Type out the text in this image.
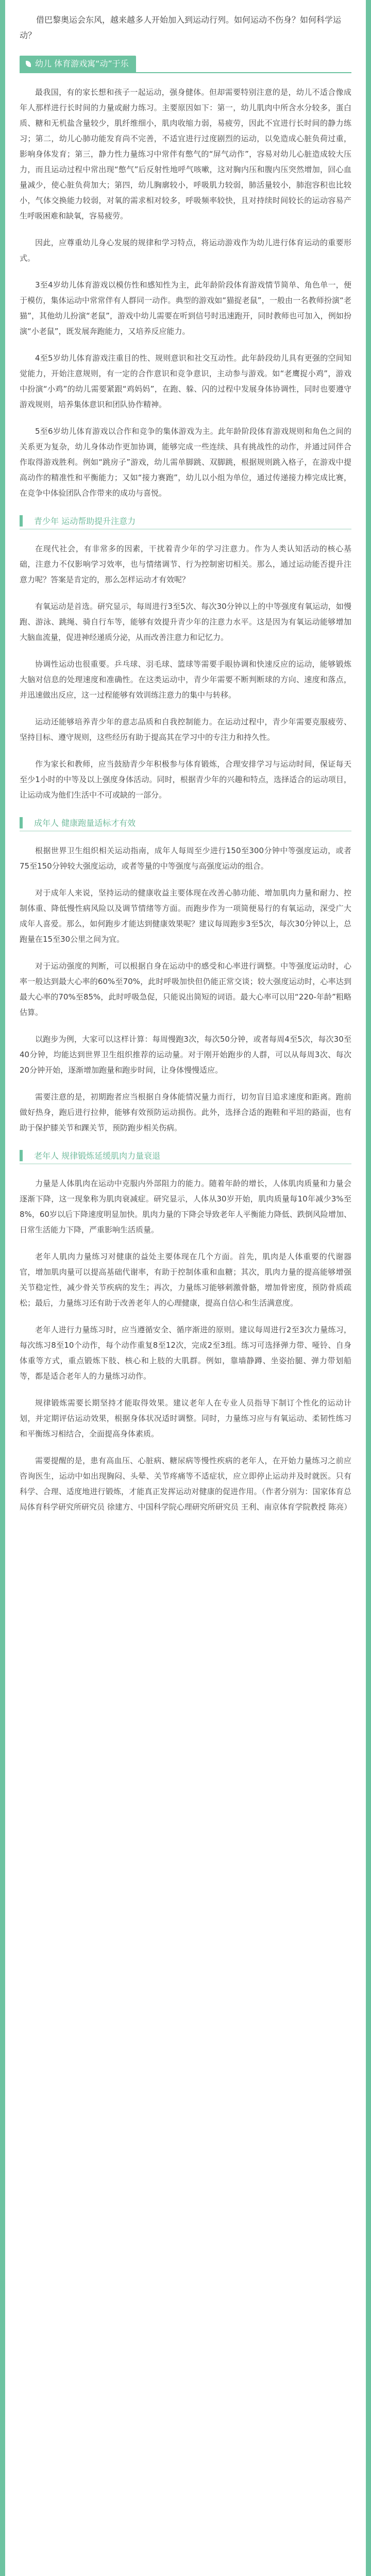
借巴黎奥运会东风，越来越多人开始加入到运动行列。如何运动不伤身？如何科学运动？

幼儿 体育游戏寓“动”于乐

最我国，有的家长想和孩子一起运动，强身健体。但却需要特别注意的是，幼儿不适合像成年人那样进行长时间的力量或耐力练习。主要原因如下：第一，幼儿肌肉中所含水分较多，蛋白质、糖和无机盐含量较少，肌纤维细小，肌肉收缩力弱，易疲劳，因此不宜进行长时间的静力练习；第二，幼儿心肺功能发育尚不完善，不适宜进行过度剧烈的运动，以免造成心脏负荷过重，影响身体发育；第三，静力性力量练习中常伴有憋气的“屏气动作”，容易对幼儿心脏造成较大压力，而且运动过程中常出现“憋气”后反射性地呼气咳嗽，这对胸内压和腹内压突然增加，回心血量减少，使心脏负荷加大；第四，幼儿胸廓较小，呼吸肌力较弱，肺活量较小，肺泡容积也比较小，气体交换能力较弱，对氧的需求相对较多，呼吸频率较快，且对持续时间较长的运动容易产生呼吸困难和缺氧，容易疲劳。

因此，应尊重幼儿身心发展的规律和学习特点，将运动游戏作为幼儿进行体育运动的重要形式。

3至4岁幼儿体育游戏以模仿性和感知性为主，此年龄阶段体育游戏情节简单、角色单一，便于模仿，集体运动中常常伴有人群同一动作。典型的游戏如“猫捉老鼠”，一般由一名教师扮演“老猫”，其他幼儿扮演“老鼠”，游戏中幼儿需要在听到信号时迅速跑开，同时教师也可加入，例如扮演“小老鼠”，既发展奔跑能力，又培养反应能力。

4至5岁幼儿体育游戏注重目的性、规则意识和社交互动性。此年龄段幼儿具有更强的空间知觉能力，开始注意规则，有一定的合作意识和竞争意识，主动参与游戏。如“老鹰捉小鸡”，游戏中扮演“小鸡”的幼儿需要紧跟“鸡妈妈”，在跑、躲、闪的过程中发展身体协调性，同时也要遵守游戏规则，培养集体意识和团队协作精神。

5至6岁幼儿体育游戏以合作和竞争的集体游戏为主。此年龄阶段体育游戏规则和角色之间的关系更为复杂，幼儿身体动作更加协调，能够完成一些连续、具有挑战性的动作，并通过同伴合作取得游戏胜利。例如“跳房子”游戏，幼儿需单脚跳、双脚跳，根据规则跳入格子，在游戏中提高动作的精准性和平衡能力；又如“接力赛跑”，幼儿以小组为单位，通过传递接力棒完成比赛，在竞争中体验团队合作带来的成功与喜悦。

青少年 运动帮助提升注意力

在现代社会，有非常多的因素，干扰着青少年的学习注意力。作为人类认知活动的核心基础，注意力不仅影响学习效率，也与情绪调节、行为控制密切相关。那么，通过运动能否提升注意力呢？答案是肯定的，那么怎样运动才有效呢？

有氧运动是首选。研究显示，每周进行3至5次、每次30分钟以上的中等强度有氧运动，如慢跑、游泳、跳绳、骑自行车等，能够有效提升青少年的注意力水平。这是因为有氧运动能够增加大脑血流量，促进神经递质分泌，从而改善注意力和记忆力。

协调性运动也很重要。乒乓球、羽毛球、篮球等需要手眼协调和快速反应的运动，能够锻炼大脑对信息的处理速度和准确性。在这类运动中，青少年需要不断判断球的方向、速度和落点，并迅速做出反应，这一过程能够有效训练注意力的集中与转移。

运动还能够培养青少年的意志品质和自我控制能力。在运动过程中，青少年需要克服疲劳、坚持目标、遵守规则，这些经历有助于提高其在学习中的专注力和持久性。

作为家长和教师，应当鼓励青少年积极参与体育锻炼，合理安排学习与运动时间，保证每天至少1小时的中等及以上强度身体活动。同时，根据青少年的兴趣和特点，选择适合的运动项目，让运动成为他们生活中不可或缺的一部分。

成年人 健康跑量适标才有效

根据世界卫生组织相关运动指南，成年人每周至少进行150至300分钟中等强度运动，或者75至150分钟较大强度运动，或者等量的中等强度与高强度运动的组合。

对于成年人来说，坚持运动的健康收益主要体现在改善心肺功能、增加肌肉力量和耐力、控制体重、降低慢性病风险以及调节情绪等方面。而跑步作为一项简便易行的有氧运动，深受广大成年人喜爱。那么，如何跑步才能达到健康效果呢？建议每周跑步3至5次，每次30分钟以上，总跑量在15至30公里之间为宜。

对于运动强度的判断，可以根据自身在运动中的感受和心率进行调整。中等强度运动时，心率一般达到最大心率的60%至70%，此时呼吸加快但仍能正常交谈；较大强度运动时，心率达到最大心率的70%至85%，此时呼吸急促，只能说出简短的词语。最大心率可以用“220-年龄”粗略估算。

以跑步为例，大家可以这样计算：每周慢跑3次，每次50分钟，或者每周4至5次，每次30至40分钟，均能达到世界卫生组织推荐的运动量。对于刚开始跑步的人群，可以从每周3次、每次20分钟开始，逐渐增加跑量和跑步时间，让身体慢慢适应。

需要注意的是，初期跑者应当根据自身体能情况量力而行，切勿盲目追求速度和距离。跑前做好热身，跑后进行拉伸，能够有效预防运动损伤。此外，选择合适的跑鞋和平坦的路面，也有助于保护膝关节和踝关节，预防跑步相关伤病。

老年人 规律锻炼延缓肌肉力量衰退

力量是人体肌肉在运动中克服内外部阻力的能力。随着年龄的增长，人体肌肉质量和力量会逐渐下降，这一现象称为肌肉衰减症。研究显示，人体从30岁开始，肌肉质量每10年减少3%至8%，60岁以后下降速度明显加快。肌肉力量的下降会导致老年人平衡能力降低、跌倒风险增加、日常生活能力下降，严重影响生活质量。

老年人肌肉力量练习对健康的益处主要体现在几个方面。首先，肌肉是人体重要的代谢器官，增加肌肉量可以提高基础代谢率，有助于控制体重和血糖；其次，肌肉力量的提高能够增强关节稳定性，减少骨关节疾病的发生；再次，力量练习能够刺激骨骼，增加骨密度，预防骨质疏松；最后，力量练习还有助于改善老年人的心理健康，提高自信心和生活满意度。

老年人进行力量练习时，应当遵循安全、循序渐进的原则。建议每周进行2至3次力量练习，每次练习8至10个动作，每个动作重复8至12次，完成2至3组。练习可选择弹力带、哑铃、自身体重等方式，重点锻炼下肢、核心和上肢的大肌群。例如，靠墙静蹲、坐姿抬腿、弹力带划船等，都是适合老年人的力量练习动作。

规律锻炼需要长期坚持才能取得效果。建议老年人在专业人员指导下制订个性化的运动计划，并定期评估运动效果，根据身体状况适时调整。同时，力量练习应与有氧运动、柔韧性练习和平衡练习相结合，全面提高身体素质。

需要提醒的是，患有高血压、心脏病、糖尿病等慢性疾病的老年人，在开始力量练习之前应咨询医生，运动中如出现胸闷、头晕、关节疼痛等不适症状，应立即停止运动并及时就医。只有科学、合理、适度地进行锻炼，才能真正发挥运动对健康的促进作用。（作者分别为：国家体育总局体育科学研究所研究员 徐建方、中国科学院心理研究所研究员 王利、南京体育学院教授 陈亮）
